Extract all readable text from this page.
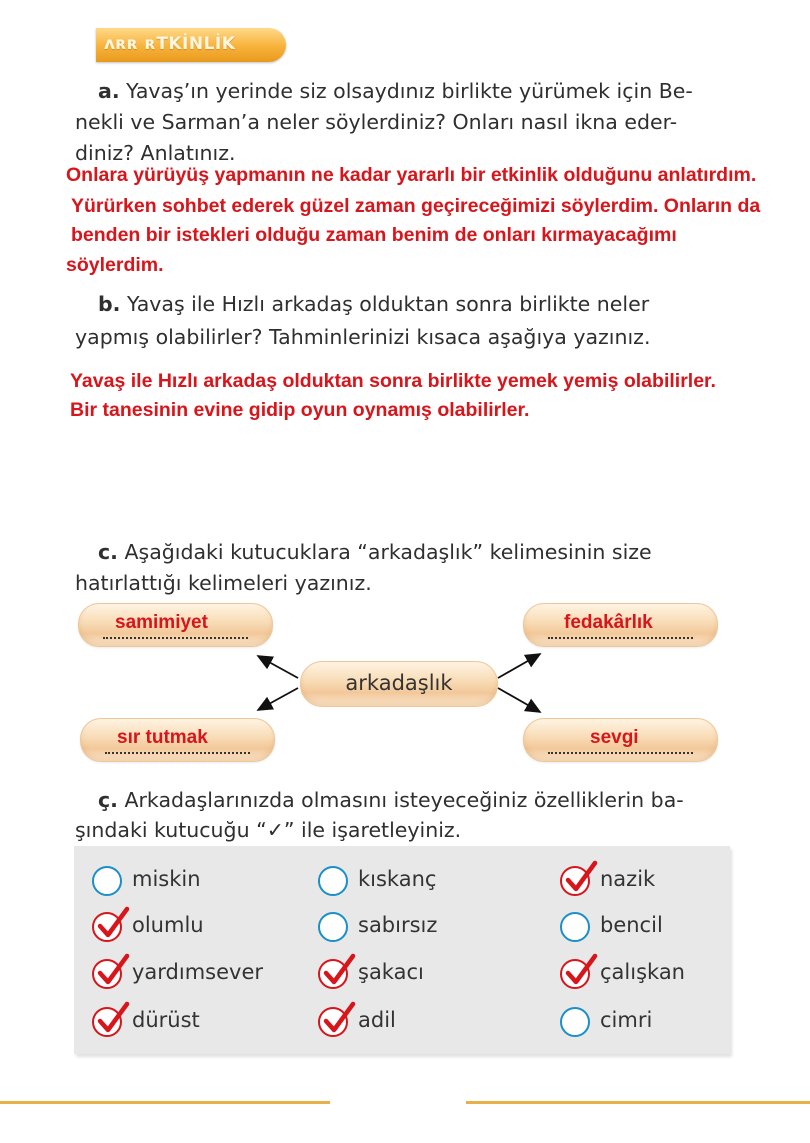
ʌʀʀ ʀTKİNLİK
a. Yavaş’ın yerinde siz olsaydınız birlikte yürümek için Be-
nekli ve Sarman’a neler söylerdiniz? Onları nasıl ikna eder-
diniz? Anlatınız.
Onlara yürüyüş yapmanın ne kadar yararlı bir etkinlik olduğunu anlatırdım.
Yürürken sohbet ederek güzel zaman geçireceğimizi söylerdim. Onların da
benden bir istekleri olduğu zaman benim de onları kırmayacağımı
söylerdim.
b. Yavaş ile Hızlı arkadaş olduktan sonra birlikte neler
yapmış olabilirler? Tahminlerinizi kısaca aşağıya yazınız.
Yavaş ile Hızlı arkadaş olduktan sonra birlikte yemek yemiş olabilirler.
Bir tanesinin evine gidip oyun oynamış olabilirler.
c. Aşağıdaki kutucuklara “arkadaşlık” kelimesinin size
hatırlattığı kelimeleri yazınız.
samimiyet	fedakârlık
arkadaşlık
sır tutmak	sevgi
ç. Arkadaşlarınızda olmasını isteyeceğiniz özelliklerin ba-
şındaki kutucuğu “✓” ile işaretleyiniz.
miskin	kıskanç	nazik
olumlu	sabırsız	bencil
yardımsever	şakacı	çalışkan
dürüst	adil	cimri
